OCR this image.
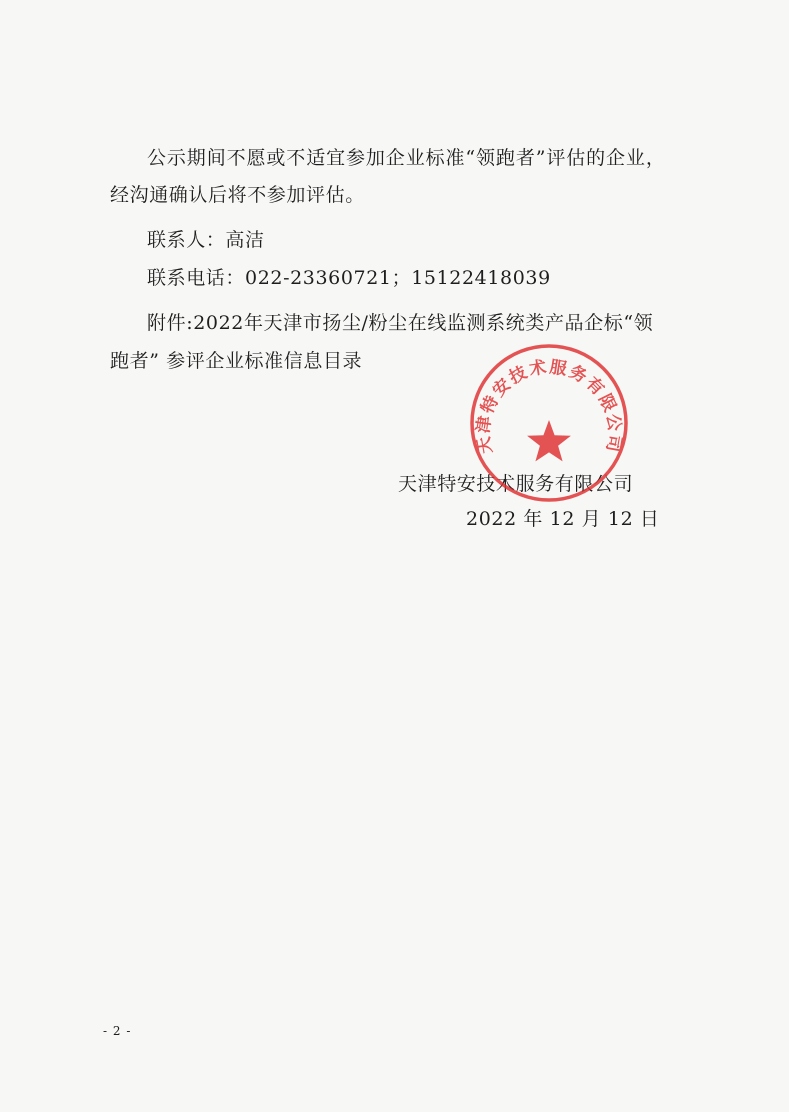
公示期间不愿或不适宜参加企业标准“领跑者”评估的企业，
经沟通确认后将不参加评估。
联系人：高洁
联系电话：022-23360721；15122418039
附件:2022年天津市扬尘/粉尘在线监测系统类产品企标“领
跑者” 参评企业标准信息目录
天津特安技术服务有限公司
2022 年 12 月 12 日
天津特安技术服务有限公司
- 2 -
